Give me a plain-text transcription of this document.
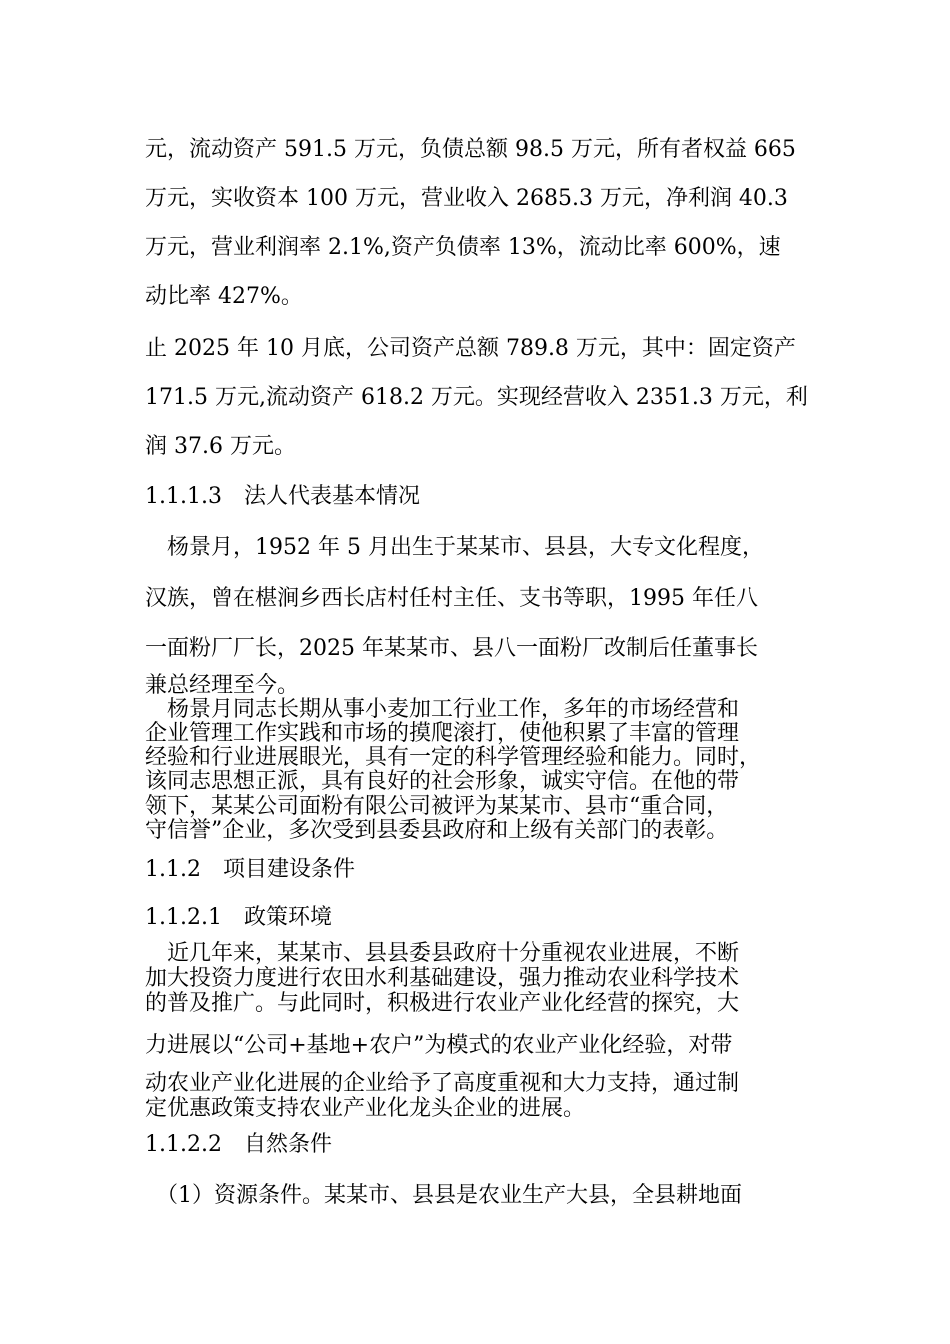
元，流动资产 591.5 万元，负债总额 98.5 万元，所有者权益 665
万元，实收资本 100 万元，营业收入 2685.3 万元，净利润 40.3
万元，营业利润率 2.1%,资产负债率 13%，流动比率 600%，速
动比率 427%。
止 2025 年 10 月底，公司资产总额 789.8 万元，其中：固定资产
171.5 万元,流动资产 618.2 万元。实现经营收入 2351.3 万元，利
润 37.6 万元。
1.1.1.3　法人代表基本情况
　杨景月，1952 年 5 月出生于某某市、县县，大专文化程度，
汉族，曾在椹涧乡西长店村任村主任、支书等职，1995 年任八
一面粉厂厂长，2025 年某某市、县八一面粉厂改制后任董事长
兼总经理至今。
　杨景月同志长期从事小麦加工行业工作，多年的市场经营和
企业管理工作实践和市场的摸爬滚打，使他积累了丰富的管理
经验和行业进展眼光，具有一定的科学管理经验和能力。同时，
该同志思想正派，具有良好的社会形象，诚实守信。在他的带
领下，某某公司面粉有限公司被评为某某市、县市“重合同，
守信誉”企业，多次受到县委县政府和上级有关部门的表彰。
1.1.2　项目建设条件
1.1.2.1　政策环境
　近几年来，某某市、县县委县政府十分重视农业进展，不断
加大投资力度进行农田水利基础建设，强力推动农业科学技术
的普及推广。与此同时，积极进行农业产业化经营的探究，大
力进展以“公司+基地+农户”为模式的农业产业化经验，对带
动农业产业化进展的企业给予了高度重视和大力支持，通过制
定优惠政策支持农业产业化龙头企业的进展。
1.1.2.2　自然条件
　（1）资源条件。某某市、县县是农业生产大县，全县耕地面
